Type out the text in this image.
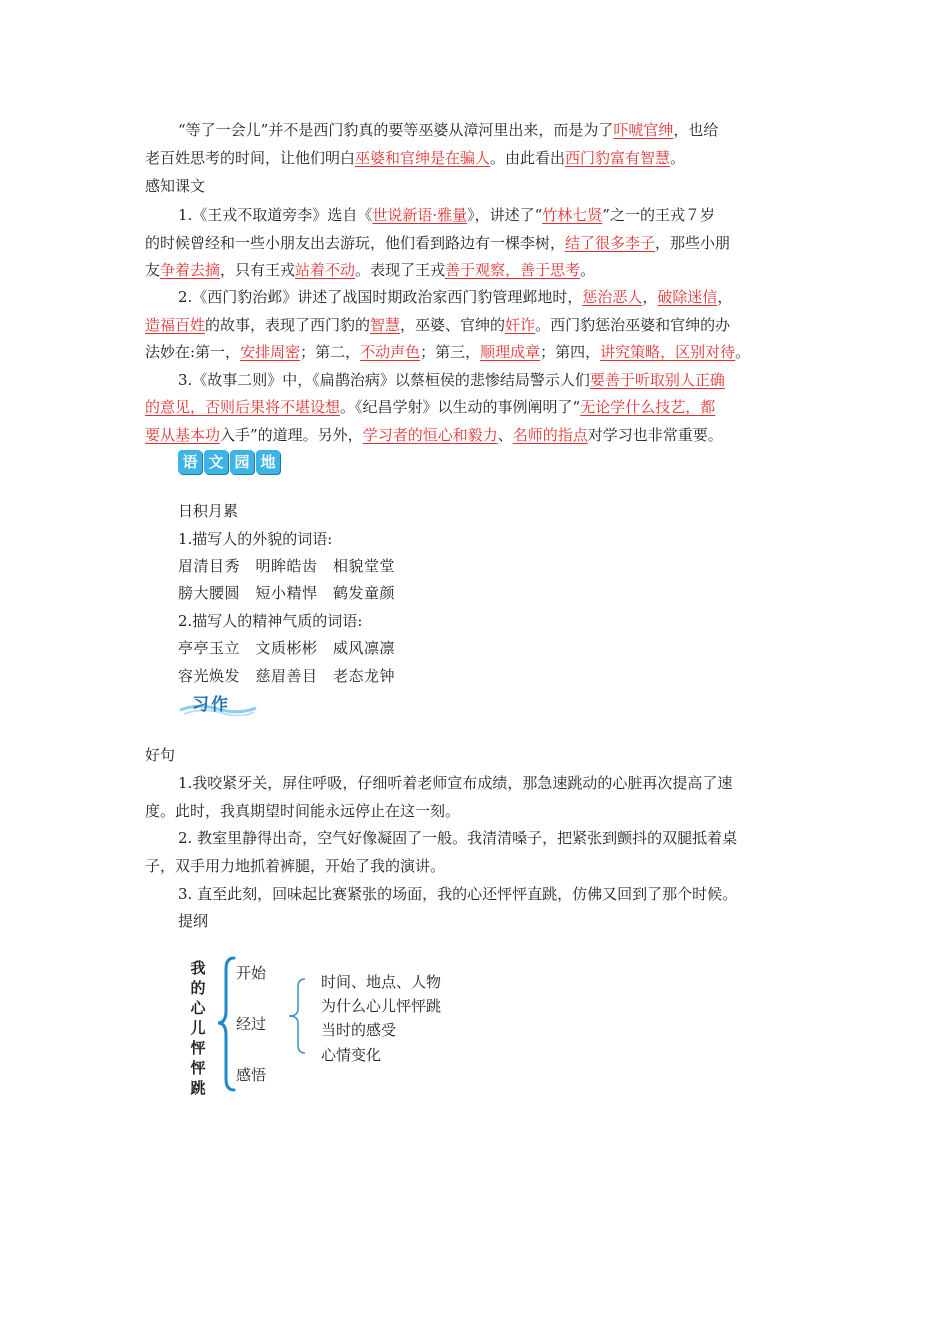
“等了一会儿”并不是西门豹真的要等巫婆从漳河里出来，而是为了吓唬官绅，也给
老百姓思考的时间，让他们明白巫婆和官绅是在骗人。由此看出西门豹富有智慧。
感知课文
1.《王戎不取道旁李》选自《世说新语·雅量》，讲述了“竹林七贤”之一的王戎７岁
的时候曾经和一些小朋友出去游玩，他们看到路边有一棵李树，结了很多李子，那些小朋
友争着去摘，只有王戎站着不动。表现了王戎善于观察，善于思考。
2.《西门豹治邺》讲述了战国时期政治家西门豹管理邺地时，惩治恶人，破除迷信，
造福百姓的故事，表现了西门豹的智慧，巫婆、官绅的奸诈。西门豹惩治巫婆和官绅的办
法妙在:第一，安排周密；第二，不动声色；第三，顺理成章；第四，讲究策略，区别对待。
3.《故事二则》中，《扁鹊治病》以蔡桓侯的悲惨结局警示人们要善于听取别人正确
的意见，否则后果将不堪设想。《纪昌学射》以生动的事例阐明了“无论学什么技艺，都
要从基本功入手”的道理。另外，学习者的恒心和毅力、名师的指点对学习也非常重要。
语 文 园 地
日积月累
1.描写人的外貌的词语:
眉清目秀　明眸皓齿　相貌堂堂
膀大腰圆　短小精悍　鹤发童颜
2.描写人的精神气质的词语:
亭亭玉立　文质彬彬　威风凛凛
容光焕发　慈眉善目　老态龙钟
习作
好句
1.我咬紧牙关，屏住呼吸，仔细听着老师宣布成绩，那急速跳动的心脏再次提高了速
度。此时，我真期望时间能永远停止在这一刻。
2. 教室里静得出奇，空气好像凝固了一般。我清清嗓子，把紧张到颤抖的双腿抵着桌
子，双手用力地抓着裤腿，开始了我的演讲。
3. 直至此刻，回味起比赛紧张的场面，我的心还怦怦直跳，仿佛又回到了那个时候。
提纲
我
的
心
儿
怦
怦
跳
开始
经过
感悟
时间、地点、人物
为什么心儿怦怦跳
当时的感受
心情变化
